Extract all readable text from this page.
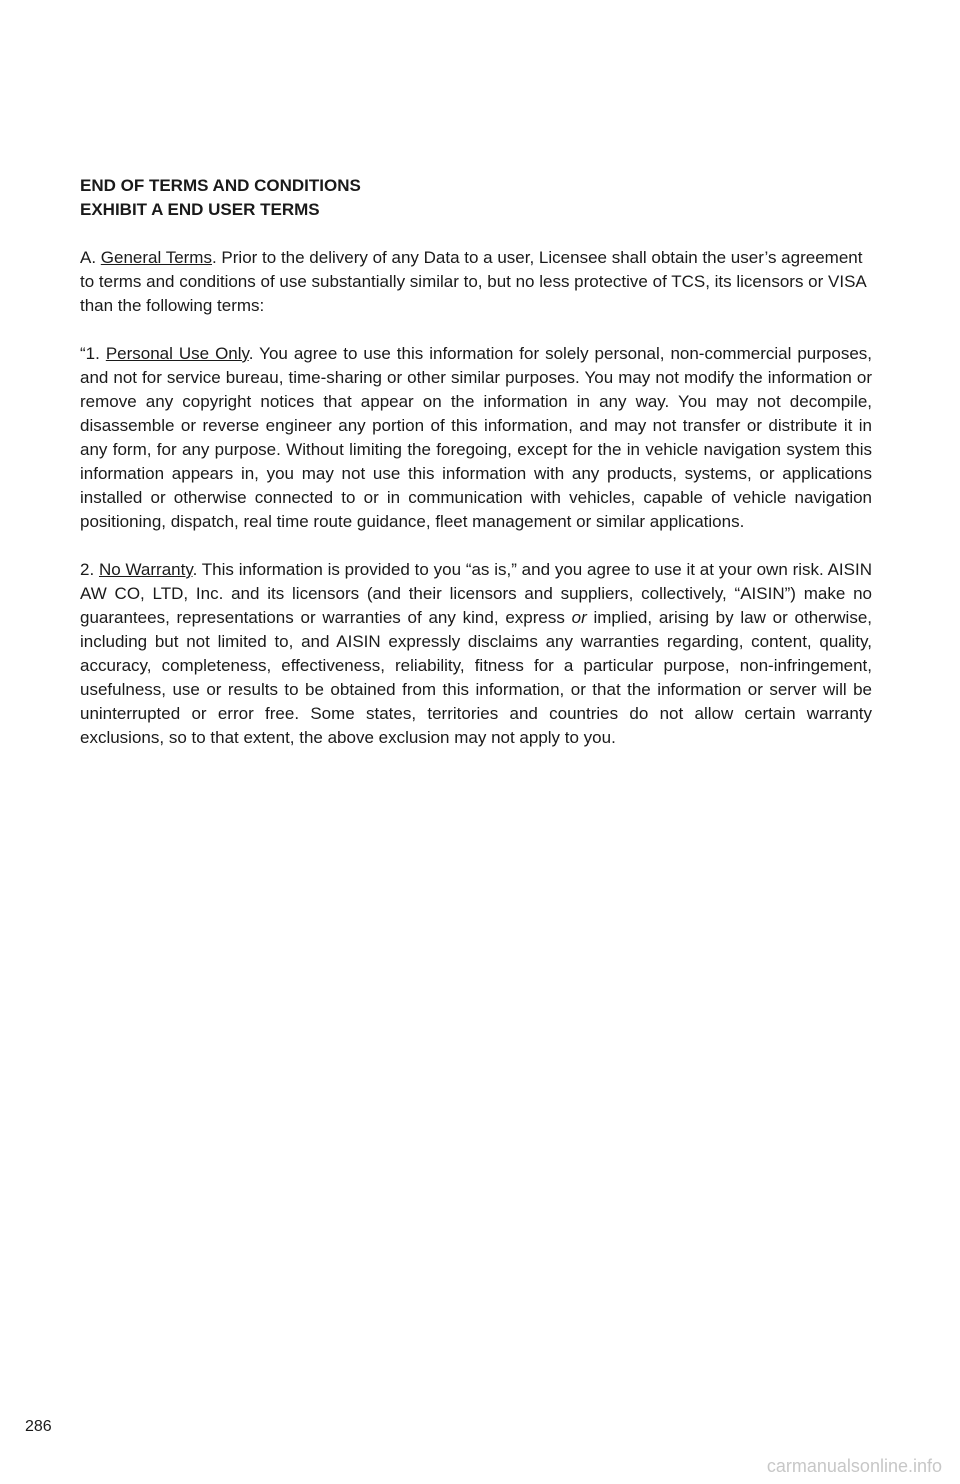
END OF TERMS AND CONDITIONS

EXHIBIT A END USER TERMS

A. General Terms. Prior to the delivery of any Data to a user, Licensee shall obtain the user’s agreement to terms and conditions of use substantially similar to, but no less protective of TCS, its licensors or VISA than the following terms:

“1. Personal Use Only. You agree to use this information for solely personal, non-commercial purposes, and not for service bureau, time-sharing or other similar purposes. You may not modify the information or remove any copyright notices that appear on the information in any way. You may not decompile, disassemble or reverse engineer any portion of this information, and may not transfer or distribute it in any form, for any purpose. Without limiting the foregoing, except for the in vehicle navigation system this information appears in, you may not use this information with any products, systems, or applications installed or otherwise connected to or in communication with vehicles, capable of vehicle navigation positioning, dispatch, real time route guidance, fleet management or similar applications.

2. No Warranty. This information is provided to you “as is,” and you agree to use it at your own risk. AISIN AW CO, LTD, Inc. and its licensors (and their licensors and suppliers, collectively, “AISIN”) make no guarantees, representations or warranties of any kind, express or implied, arising by law or otherwise, including but not limited to, and AISIN expressly disclaims any warranties regarding, content, quality, accuracy, completeness, effectiveness, reliability, fitness for a particular purpose, non-infringement, usefulness, use or results to be obtained from this information, or that the information or server will be uninterrupted or error free. Some states, territories and countries do not allow certain warranty exclusions, so to that extent, the above exclusion may not apply to you.

286
carmanualsonline.info
